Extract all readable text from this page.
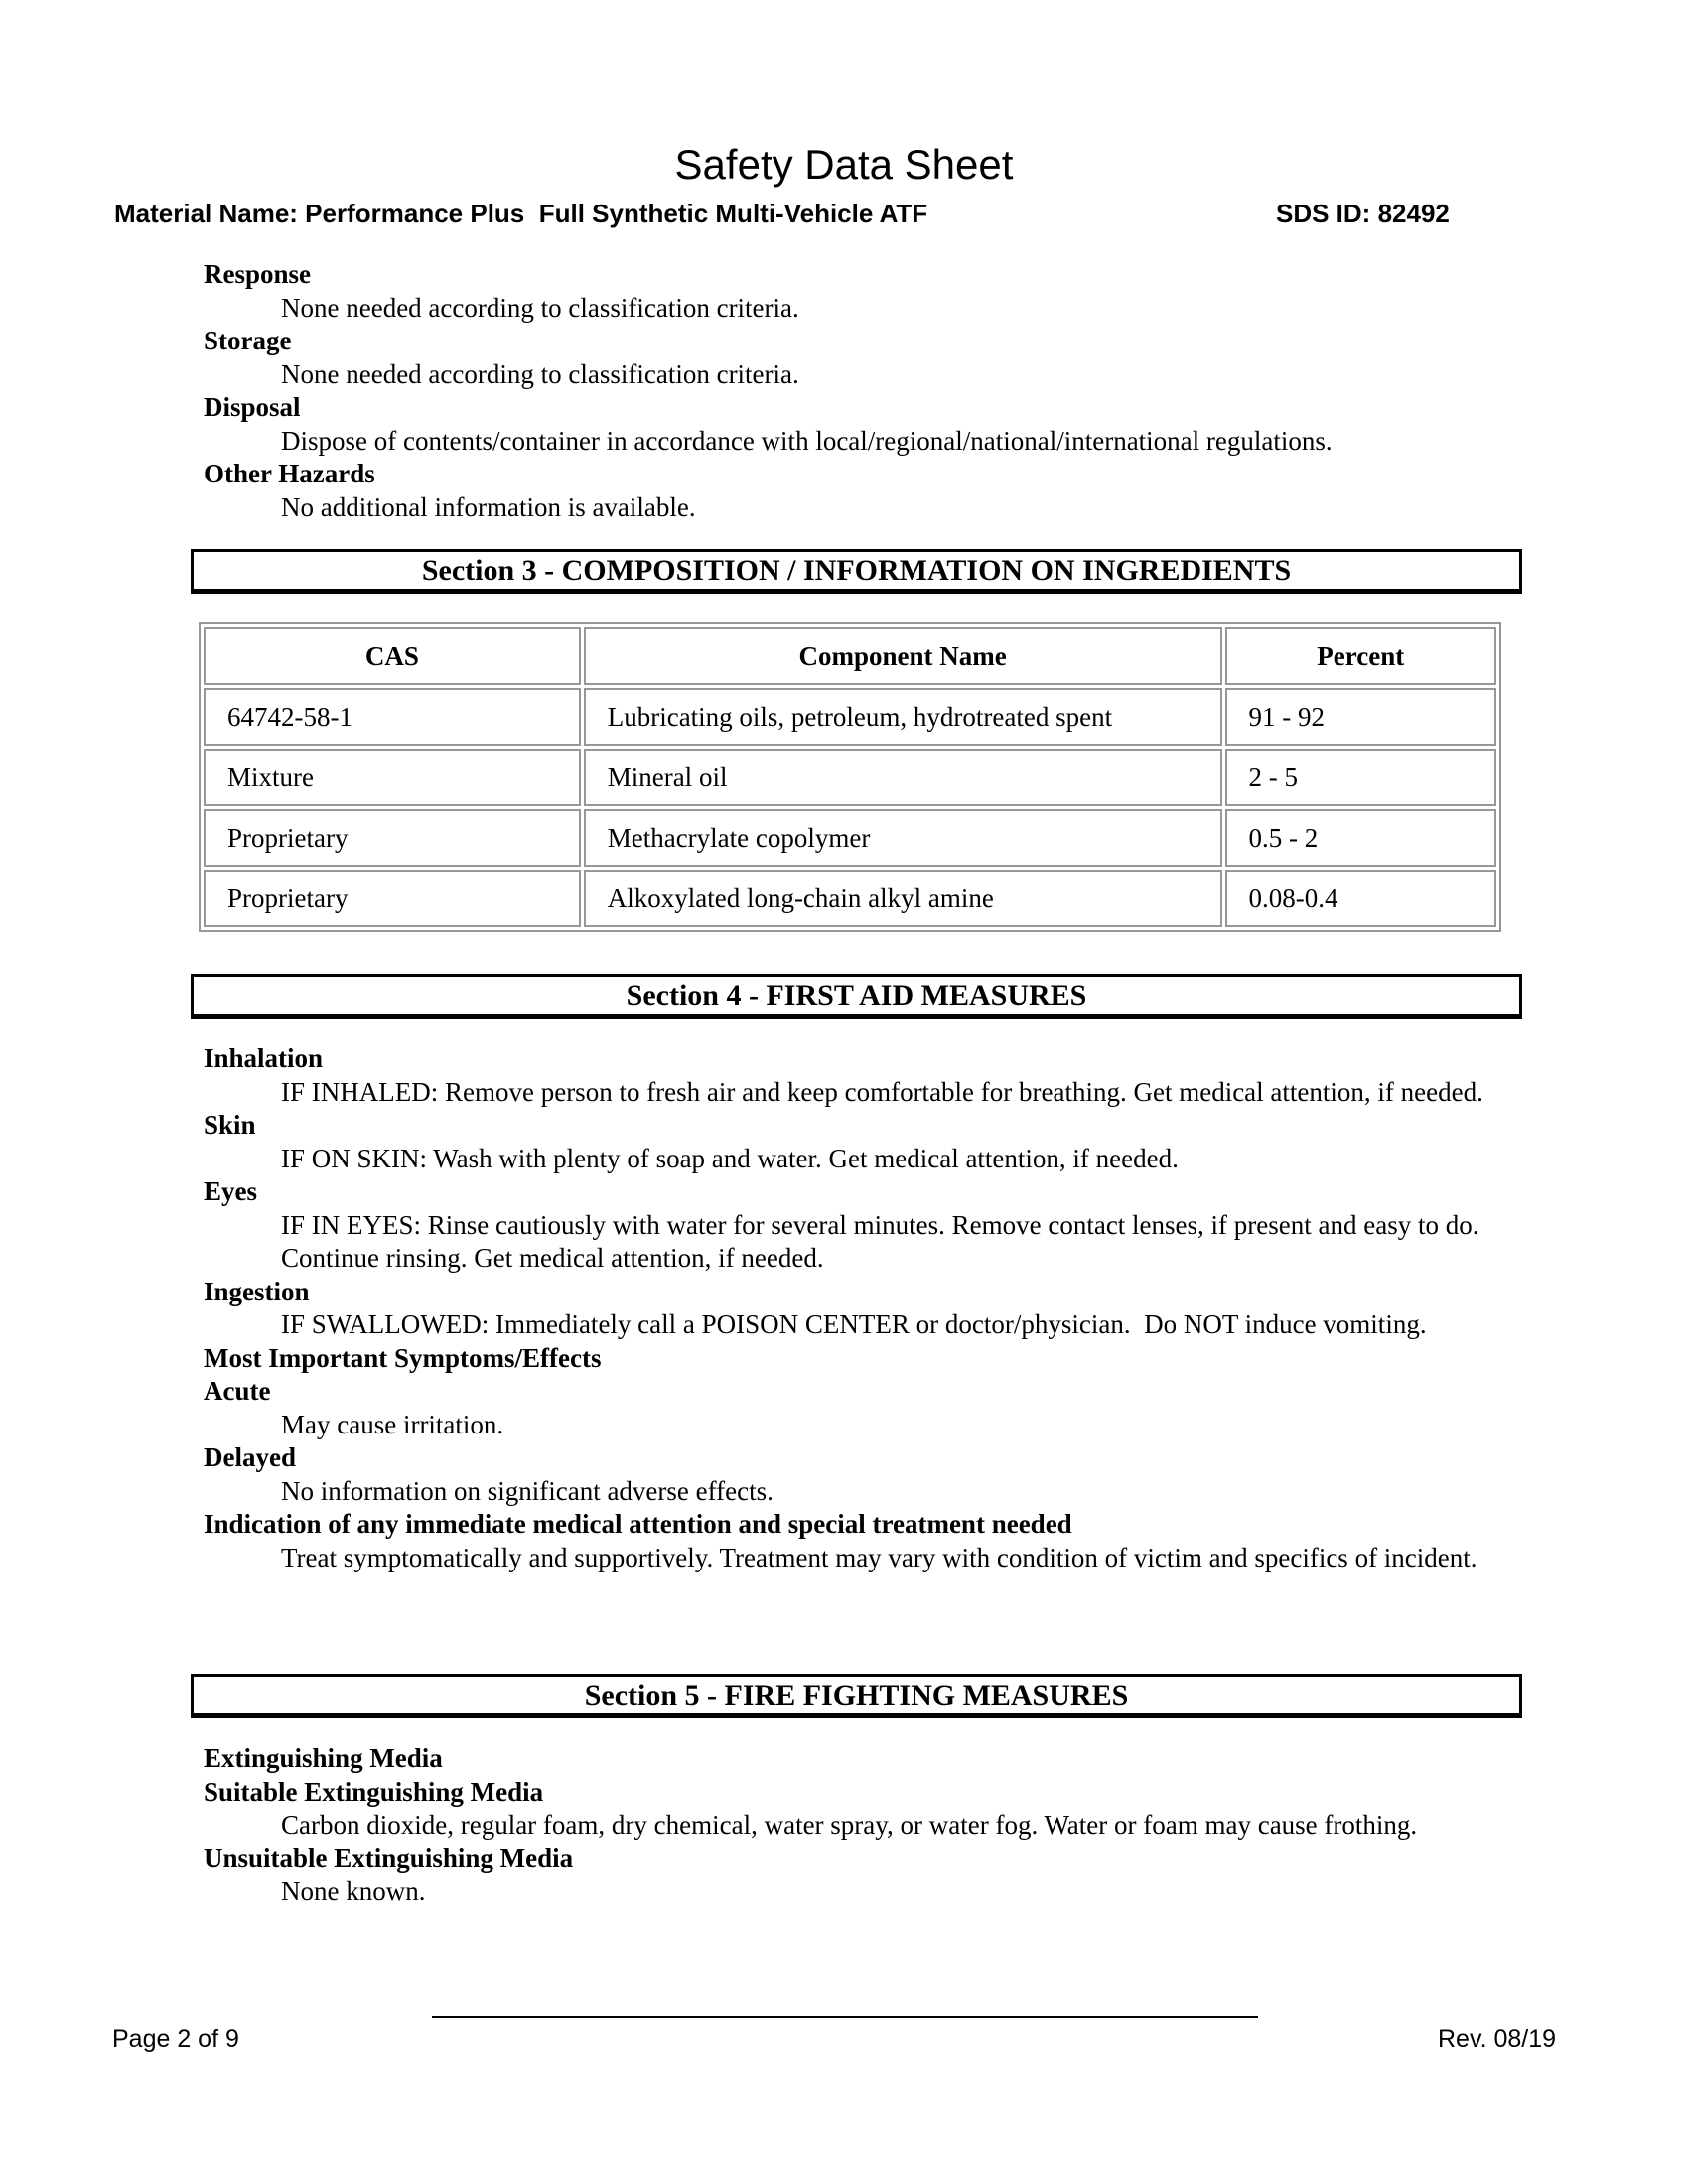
Safety Data Sheet
Material Name: Performance Plus  Full Synthetic Multi-Vehicle ATF	SDS ID: 82492
Response
None needed according to classification criteria.
Storage
None needed according to classification criteria.
Disposal
Dispose of contents/container in accordance with local/regional/national/international regulations.
Other Hazards
No additional information is available.
Section 3 - COMPOSITION / INFORMATION ON INGREDIENTS
CAS	Component Name	Percent
64742-58-1	Lubricating oils, petroleum, hydrotreated spent	91 - 92
Mixture	Mineral oil	2 - 5
Proprietary	Methacrylate copolymer	0.5 - 2
Proprietary	Alkoxylated long-chain alkyl amine	0.08-0.4
Section 4 - FIRST AID MEASURES
Inhalation
IF INHALED: Remove person to fresh air and keep comfortable for breathing. Get medical attention, if needed.
Skin
IF ON SKIN: Wash with plenty of soap and water. Get medical attention, if needed.
Eyes
IF IN EYES: Rinse cautiously with water for several minutes. Remove contact lenses, if present and easy to do. Continue rinsing. Get medical attention, if needed.
Ingestion
IF SWALLOWED: Immediately call a POISON CENTER or doctor/physician.  Do NOT induce vomiting.
Most Important Symptoms/Effects
Acute
May cause irritation.
Delayed
No information on significant adverse effects.
Indication of any immediate medical attention and special treatment needed
Treat symptomatically and supportively. Treatment may vary with condition of victim and specifics of incident.
Section 5 - FIRE FIGHTING MEASURES
Extinguishing Media
Suitable Extinguishing Media
Carbon dioxide, regular foam, dry chemical, water spray, or water fog. Water or foam may cause frothing.
Unsuitable Extinguishing Media
None known.
Page 2 of 9	Rev. 08/19
